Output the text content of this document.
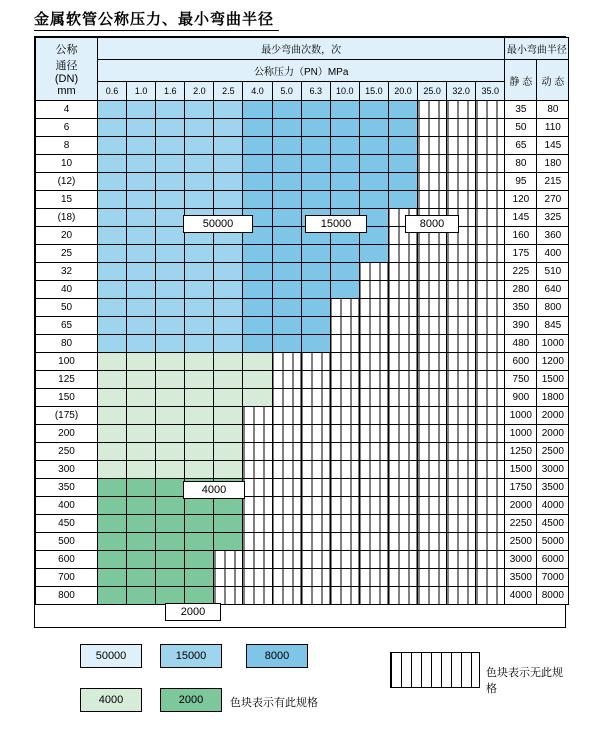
金属软管公称压力、最小弯曲半径
公称
通径
(DN)
mm	最少弯曲次数，次														最小弯曲半径	
	公称压力（PN）MPa														静 态	动 态
	0.6	1.0	1.6	2.0	2.5	4.0	5.0	6.3	10.0	15.0	20.0	25.0	32.0	35.0		
4															35	80
6															50	110
8															65	145
10															80	180
(12)															95	215
15															120	270
(18)															145	325
20															160	360
25															175	400
32															225	510
40															280	640
50															350	800
65															390	845
80															480	1000
100															600	1200
125															750	1500
150															900	1800
(175)															1000	2000
200															1000	2000
250															1250	2500
300															1500	3000
350															1750	3500
400															2000	4000
450															2250	4500
500															2500	5000
600															3000	6000
700															3500	7000
800															4000	8000
50000	15000	8000
4000
2000
色块表示有此规格
色块表示无此规格
50000	15000	8000
4000	2000
